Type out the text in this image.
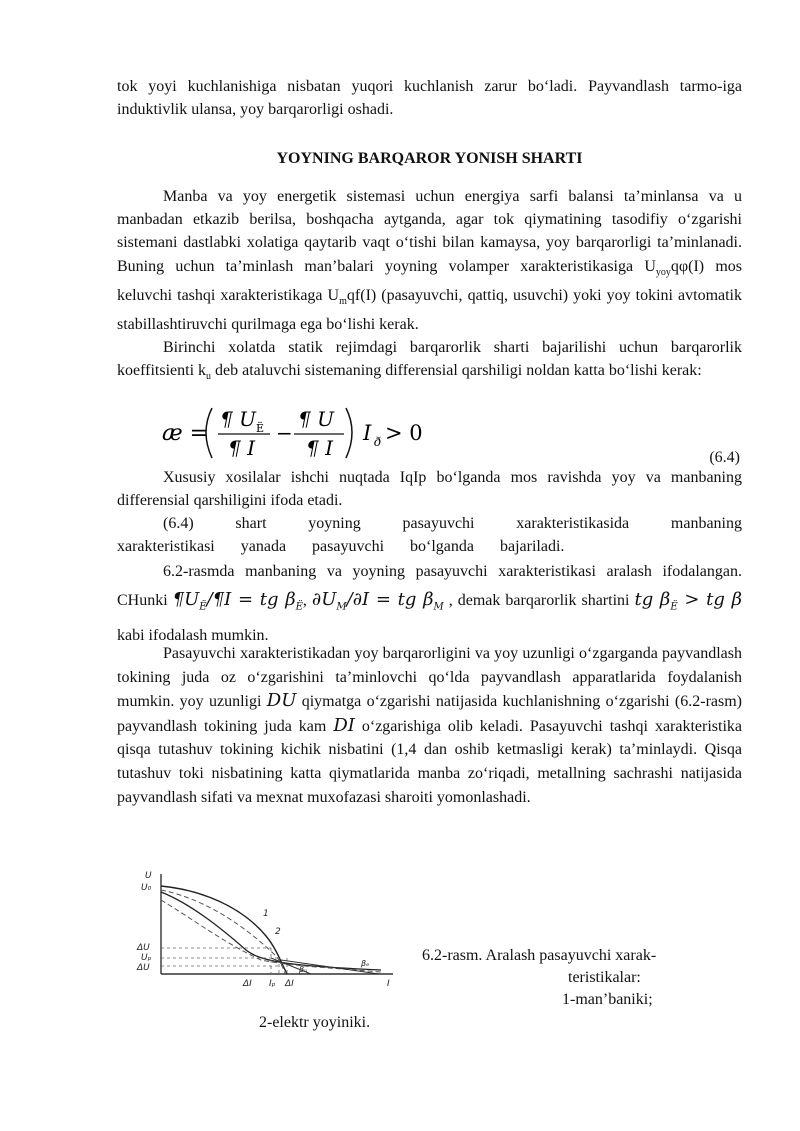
tok yoyi kuchlanishiga nisbatan yuqori kuchlanish zarur bo‘ladi. Payvandlash tarmo-iga induktivlik ulansa, yoy barqarorligi oshadi.

YOYNING BARQAROR YONISH SHARTI

Manba va yoy energetik sistemasi uchun energiya sarfi balansi ta’minlansa va u manbadan etkazib berilsa, boshqacha aytganda, agar tok qiymatining tasodifiy o‘zgarishi sistemani dastlabki xolatiga qaytarib vaqt o‘tishi bilan kamaysa, yoy barqarorligi ta’minlanadi. Buning uchun ta’minlash man’balari yoyning volamper xarakteristikasiga $U_{yoy}q\varphi(I)$ mos keluvchi tashqi xarakteristikaga $U_mqf(I)$ (pasayuvchi, qattiq, usuvchi) yoki yoy tokini avtomatik stabillashtiruvchi qurilmaga ega bo‘lishi kerak.

Birinchi xolatda statik rejimdagi barqarorlik sharti bajarilishi uchun barqarorlik koeffitsienti $k_u$ deb ataluvchi sistemaning differensial qarshiligi noldan katta bo‘lishi kerak:

æ =
¶ U Ë
¶ I
−
¶ U
¶ I
I ð > 0
(6.4)

Xususiy xosilalar ishchi nuqtada IqIp bo‘lganda mos ravishda yoy va manbaning differensial qarshiligini ifoda etadi.

(6.4) shart yoyning pasayuvchi xarakteristikasida manbaning xarakteristikasi yanada pasayuvchi bo‘lganda bajariladi.

6.2-rasmda manbaning va yoyning pasayuvchi xarakteristikasi aralash ifodalangan. CHunki $\P U_Ë/\P I$ = tg $\beta_Ë$, $\partial U_M/\partial I$ = tg $\beta_M$ , demak barqarorlik shartini tg $\beta_Ë$ > tg β kabi ifodalash mumkin.

Pasayuvchi xarakteristikadan yoy barqarorligini va yoy uzunligi o‘zgarganda payvandlash tokining juda oz o‘zgarishini ta’minlovchi qo‘lda payvandlash apparatlarida foydalanish mumkin. yoy uzunligi DU qiymatga o‘zgarishi natijasida kuchlanishning o‘zgarishi (6.2-rasm) payvandlash tokining juda kam DI o‘zgarishiga olib keladi. Pasayuvchi tashqi xarakteristika qisqa tutashuv tokining kichik nisbatini (1,4 dan oshib ketmasligi kerak) ta’minlaydi. Qisqa tutashuv toki nisbatining katta qiymatlarida manba zo‘riqadi, metallning sachrashi natijasida payvandlash sifati va mexnat muxofazasi sharoiti yomonlashadi.

U
U₀
ΔU
Uₚ
ΔU
1
2
βᵤ
βₑ
ΔI Iₚ ΔI	I
6.2-rasm. Aralash pasayuvchi xarak-
teristikalar:
1-man’baniki;
2-elektr yoyiniki.
